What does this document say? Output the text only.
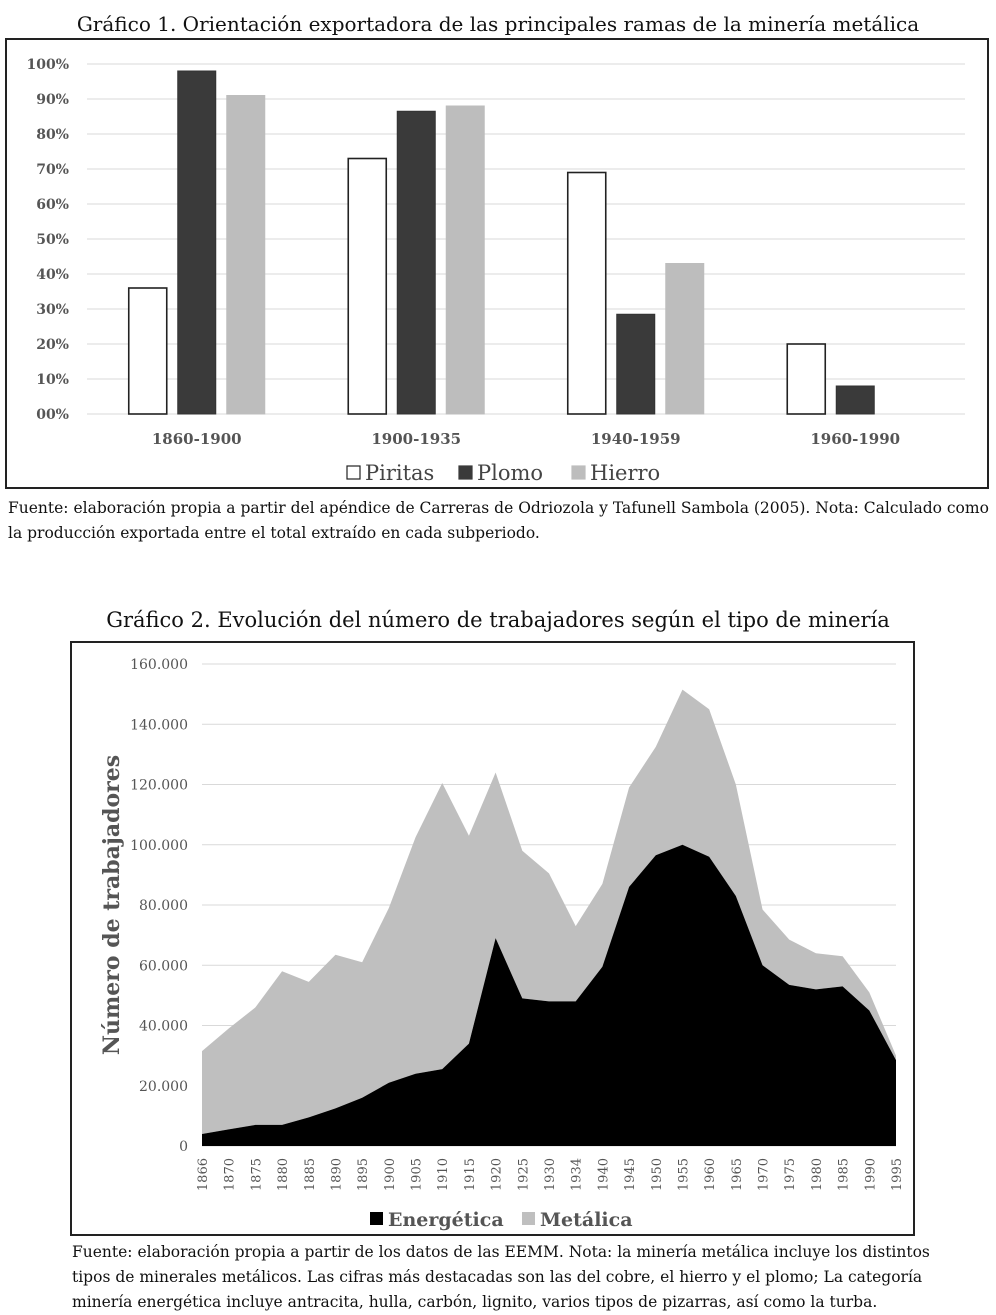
Gráfico 1. Orientación exportadora de las principales ramas de la minería metálica
00%
10%
20%
30%
40%
50%
60%
70%
80%
90%
100%
1860-1900	1900-1935	1940-1959	1960-1990
Piritas Plomo Hierro
Fuente: elaboración propia a partir del apéndice de Carreras de Odriozola y Tafunell Sambola (2005). Nota: Calculado como la producción exportada entre el total extraído en cada subperiodo.
Gráfico 2. Evolución del número de trabajadores según el tipo de minería
0
20.000
40.000
60.000
80.000
100.000
120.000
140.000
160.000
1866 1870 1875 1880 1885 1890 1895 1900 1905 1910 1915 1920 1925 1930 1934 1940 1945 1950 1955 1960 1965 1970 1975 1980 1985 1990 1995
Número de trabajadores
Energética Metálica
Fuente: elaboración propia a partir de los datos de las EEMM. Nota: la minería metálica incluye los distintos tipos de minerales metálicos. Las cifras más destacadas son las del cobre, el hierro y el plomo; La categoría minería energética incluye antracita, hulla, carbón, lignito, varios tipos de pizarras, así como la turba.
